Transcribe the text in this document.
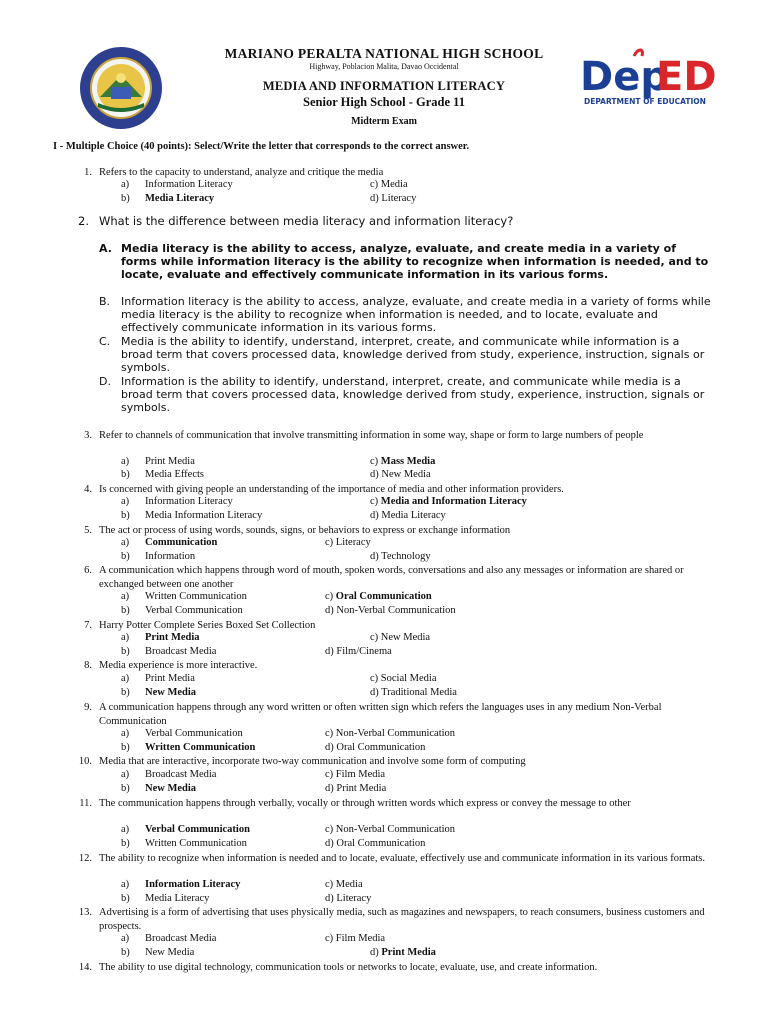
Dep
ED
DEPARTMENT OF EDUCATION
MARIANO PERALTA NATIONAL HIGH SCHOOL
Highway, Poblacion Malita, Davao Occidental
MEDIA AND INFORMATION LITERACY
Senior High School - Grade 11
Midterm Exam
I - Multiple Choice (40 points): Select/Write the letter that corresponds to the correct answer.
1. Refers to the capacity to understand, analyze and critique the media
a) Information Literacy
b) Media Literacy
c) Media
d) Literacy
2. What is the difference between media literacy and information literacy?
A. Media literacy is the ability to access, analyze, evaluate, and create media in a variety of forms while information literacy is the ability to recognize when information is needed, and to locate, evaluate and effectively communicate information in its various forms.
B. Information literacy is the ability to access, analyze, evaluate, and create media in a variety of forms while media literacy is the ability to recognize when information is needed, and to locate, evaluate and effectively communicate information in its various forms.
C. Media is the ability to identify, understand, interpret, create, and communicate while information is a broad term that covers processed data, knowledge derived from study, experience, instruction, signals or symbols.
D. Information is the ability to identify, understand, interpret, create, and communicate while media is a broad term that covers processed data, knowledge derived from study, experience, instruction, signals or symbols.
3. Refer to channels of communication that involve transmitting information in some way, shape or form to large numbers of people
a) Print Media
b) Media Effects
c) Mass Media
d) New Media
4. Is concerned with giving people an understanding of the importance of media and other information providers.
a) Information Literacy
b) Media Information Literacy
c) Media and Information Literacy
d) Media Literacy
5. The act or process of using words, sounds, signs, or behaviors to express or exchange information
a) Communication
b) Information
c) Literacy
d) Technology
6. A communication which happens through word of mouth, spoken words, conversations and also any messages or information are shared or exchanged between one another
a) Written Communication
b) Verbal Communication
c) Oral Communication
d) Non-Verbal Communication
7. Harry Potter Complete Series Boxed Set Collection
a) Print Media
b) Broadcast Media
c) New Media
d) Film/Cinema
8. Media experience is more interactive.
a) Print Media
b) New Media
c) Social Media
d) Traditional Media
9. A communication happens through any word written or often written sign which refers the languages uses in any medium Non-Verbal Communication
a) Verbal Communication
b) Written Communication
c) Non-Verbal Communication
d) Oral Communication
10. Media that are interactive, incorporate two-way communication and involve some form of computing
a) Broadcast Media
b) New Media
c) Film Media
d) Print Media
11. The communication happens through verbally, vocally or through written words which express or convey the message to other
a) Verbal Communication
b) Written Communication
c) Non-Verbal Communication
d) Oral Communication
12. The ability to recognize when information is needed and to locate, evaluate, effectively use and communicate information in its various formats.
a) Information Literacy
b) Media Literacy
c) Media
d) Literacy
13. Advertising is a form of advertising that uses physically media, such as magazines and newspapers, to reach consumers, business customers and prospects.
a) Broadcast Media
b) New Media
c) Film Media
d) Print Media
14. The ability to use digital technology, communication tools or networks to locate, evaluate, use, and create information.
